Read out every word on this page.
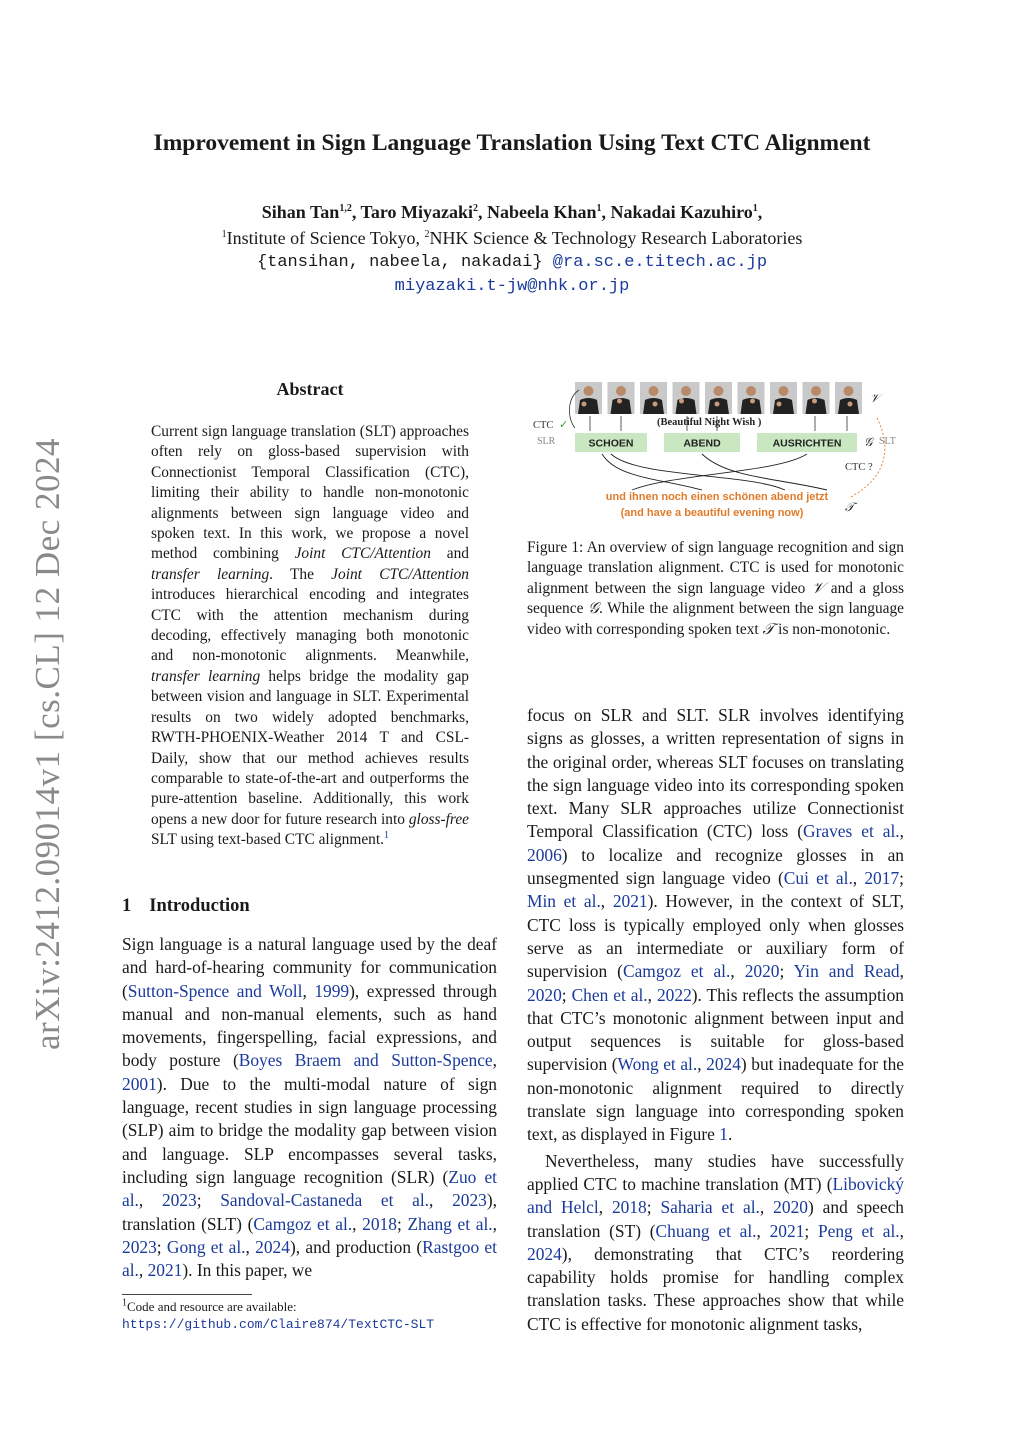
Improvement in Sign Language Translation Using Text CTC Alignment
Sihan Tan$^{1,2}$, Taro Miyazaki$^2$, Nabeela Khan$^1$, Nakadai Kazuhiro$^1$,
$^1$Institute of Science Tokyo, $^2$NHK Science & Technology Research Laboratories
{tansihan, nabeela, nakadai} @ra.sc.e.titech.ac.jp
miyazaki.t-jw@nhk.or.jp
arXiv:2412.09014v1 [cs.CL] 12 Dec 2024
Abstract
Current sign language translation (SLT) approaches often rely on gloss-based supervision with Connectionist Temporal Classification (CTC), limiting their ability to handle non-monotonic alignments between sign language video and spoken text. In this work, we propose a novel method combining Joint CTC/Attention and transfer learning. The Joint CTC/Attention introduces hierarchical encoding and integrates CTC with the attention mechanism during decoding, effectively managing both monotonic and non-monotonic alignments. Meanwhile, transfer learning helps bridge the modality gap between vision and language in SLT. Experimental results on two widely adopted benchmarks, RWTH-PHOENIX-Weather 2014 T and CSL-Daily, show that our method achieves results comparable to state-of-the-art and outperforms the pure-attention baseline. Additionally, this work opens a new door for future research into gloss-free SLT using text-based CTC alignment.$^1$
1 Introduction
Sign language is a natural language used by the deaf and hard-of-hearing community for communication (Sutton-Spence and Woll, 1999), expressed through manual and non-manual elements, such as hand movements, fingerspelling, facial expressions, and body posture (Boyes Braem and Sutton-Spence, 2001). Due to the multi-modal nature of sign language, recent studies in sign language processing (SLP) aim to bridge the modality gap between vision and language. SLP encompasses several tasks, including sign language recognition (SLR) (Zuo et al., 2023; Sandoval-Castaneda et al., 2023), translation (SLT) (Camgoz et al., 2018; Zhang et al., 2023; Gong et al., 2024), and production (Rastgoo et al., 2021). In this paper, we
$^1$Code and resource are available: https://github.com/Claire874/TextCTC-SLT
CTC ✓
SLR
(Beautiful Night Wish )
SCHOEN	ABEND	AUSRICHTEN 𝒢 SLT
𝒱
CTC ?
und ihnen noch einen schönen abend jetzt
(and have a beautiful evening now)	𝒯
Figure 1: An overview of sign language recognition and sign language translation alignment. CTC is used for monotonic alignment between the sign language video 𝒱 and a gloss sequence 𝒢. While the alignment between the sign language video with corresponding spoken text 𝒯 is non-monotonic.

focus on SLR and SLT. SLR involves identifying signs as glosses, a written representation of signs in the original order, whereas SLT focuses on translating the sign language video into its corresponding spoken text. Many SLR approaches utilize Connectionist Temporal Classification (CTC) loss (Graves et al., 2006) to localize and recognize glosses in an unsegmented sign language video (Cui et al., 2017; Min et al., 2021). However, in the context of SLT, CTC loss is typically employed only when glosses serve as an intermediate or auxiliary form of supervision (Camgoz et al., 2020; Yin and Read, 2020; Chen et al., 2022). This reflects the assumption that CTC’s monotonic alignment between input and output sequences is suitable for gloss-based supervision (Wong et al., 2024) but inadequate for the non-monotonic alignment required to directly translate sign language into corresponding spoken text, as displayed in Figure 1.

Nevertheless, many studies have successfully applied CTC to machine translation (MT) (Libovický and Helcl, 2018; Saharia et al., 2020) and speech translation (ST) (Chuang et al., 2021; Peng et al., 2024), demonstrating that CTC’s reordering capability holds promise for handling complex translation tasks. These approaches show that while CTC is effective for monotonic alignment tasks,
